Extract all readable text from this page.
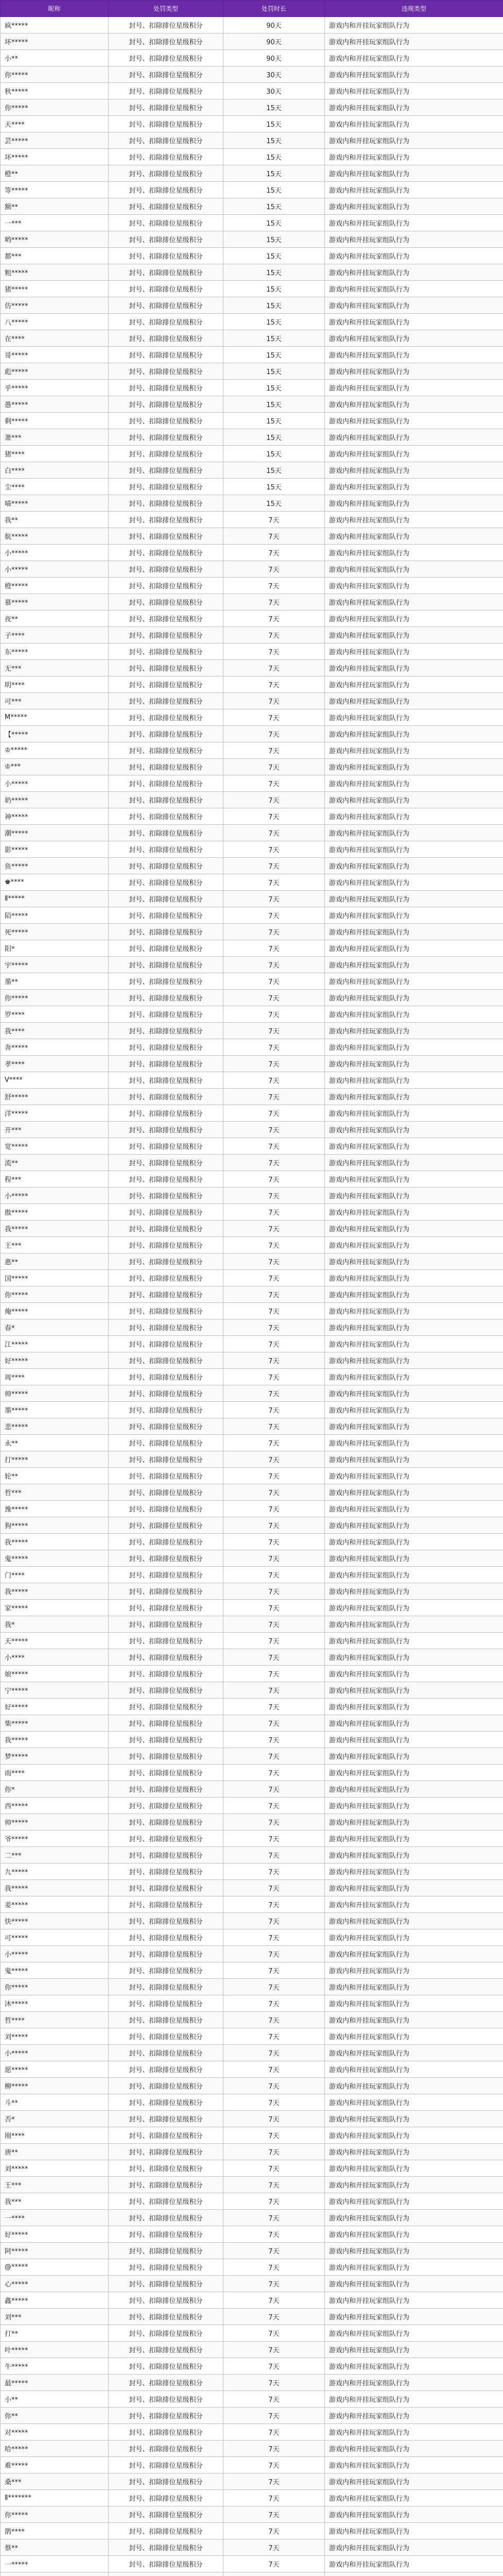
昵称	处罚类型	处罚时长	违规类型
疯*****	封号、扣除排位星级积分	90天	游戏内和开挂玩家组队行为
坏*****	封号、扣除排位星级积分	90天	游戏内和开挂玩家组队行为
小**	封号、扣除排位星级积分	90天	游戏内和开挂玩家组队行为
你*****	封号、扣除排位星级积分	30天	游戏内和开挂玩家组队行为
秋*****	封号、扣除排位星级积分	30天	游戏内和开挂玩家组队行为
你*****	封号、扣除排位星级积分	15天	游戏内和开挂玩家组队行为
天****	封号、扣除排位星级积分	15天	游戏内和开挂玩家组队行为
芸*****	封号、扣除排位星级积分	15天	游戏内和开挂玩家组队行为
坏*****	封号、扣除排位星级积分	15天	游戏内和开挂玩家组队行为
橙**	封号、扣除排位星级积分	15天	游戏内和开挂玩家组队行为
等*****	封号、扣除排位星级积分	15天	游戏内和开挂玩家组队行为
额**	封号、扣除排位星级积分	15天	游戏内和开挂玩家组队行为
一***	封号、扣除排位星级积分	15天	游戏内和开挂玩家组队行为
哟*****	封号、扣除排位星级积分	15天	游戏内和开挂玩家组队行为
都***	封号、扣除排位星级积分	15天	游戏内和开挂玩家组队行为
粗*****	封号、扣除排位星级积分	15天	游戏内和开挂玩家组队行为
猪*****	封号、扣除排位星级积分	15天	游戏内和开挂玩家组队行为
仿*****	封号、扣除排位星级积分	15天	游戏内和开挂玩家组队行为
八*****	封号、扣除排位星级积分	15天	游戏内和开挂玩家组队行为
在****	封号、扣除排位星级积分	15天	游戏内和开挂玩家组队行为
哥*****	封号、扣除排位星级积分	15天	游戏内和开挂玩家组队行为
彪*****	封号、扣除排位星级积分	15天	游戏内和开挂玩家组队行为
乎*****	封号、扣除排位星级积分	15天	游戏内和开挂玩家组队行为
愚*****	封号、扣除排位星级积分	15天	游戏内和开挂玩家组队行为
剩*****	封号、扣除排位星级积分	15天	游戏内和开挂玩家组队行为
萧***	封号、扣除排位星级积分	15天	游戏内和开挂玩家组队行为
猪****	封号、扣除排位星级积分	15天	游戏内和开挂玩家组队行为
白****	封号、扣除排位星级积分	15天	游戏内和开挂玩家组队行为
尘****	封号、扣除排位星级积分	15天	游戏内和开挂玩家组队行为
喵*****	封号、扣除排位星级积分	15天	游戏内和开挂玩家组队行为
我**	封号、扣除排位星级积分	7天	游戏内和开挂玩家组队行为
航*****	封号、扣除排位星级积分	7天	游戏内和开挂玩家组队行为
小*****	封号、扣除排位星级积分	7天	游戏内和开挂玩家组队行为
小*****	封号、扣除排位星级积分	7天	游戏内和开挂玩家组队行为
橙*****	封号、扣除排位星级积分	7天	游戏内和开挂玩家组队行为
慕*****	封号、扣除排位星级积分	7天	游戏内和开挂玩家组队行为
夜**	封号、扣除排位星级积分	7天	游戏内和开挂玩家组队行为
子****	封号、扣除排位星级积分	7天	游戏内和开挂玩家组队行为
东*****	封号、扣除排位星级积分	7天	游戏内和开挂玩家组队行为
无***	封号、扣除排位星级积分	7天	游戏内和开挂玩家组队行为
明****	封号、扣除排位星级积分	7天	游戏内和开挂玩家组队行为
可***	封号、扣除排位星级积分	7天	游戏内和开挂玩家组队行为
M*****	封号、扣除排位星级积分	7天	游戏内和开挂玩家组队行为
【*****	封号、扣除排位星级积分	7天	游戏内和开挂玩家组队行为
♔*****	封号、扣除排位星级积分	7天	游戏内和开挂玩家组队行为
♔***	封号、扣除排位星级积分	7天	游戏内和开挂玩家组队行为
小*****	封号、扣除排位星级积分	7天	游戏内和开挂玩家组队行为
奶*****	封号、扣除排位星级积分	7天	游戏内和开挂玩家组队行为
神*****	封号、扣除排位星级积分	7天	游戏内和开挂玩家组队行为
潮*****	封号、扣除排位星级积分	7天	游戏内和开挂玩家组队行为
影*****	封号、扣除排位星级积分	7天	游戏内和开挂玩家组队行为
鱼*****	封号、扣除排位星级积分	7天	游戏内和开挂玩家组队行为
♚****	封号、扣除排位星级积分	7天	游戏内和开挂玩家组队行为
Ⅱ*****	封号、扣除排位星级积分	7天	游戏内和开挂玩家组队行为
陌*****	封号、扣除排位星级积分	7天	游戏内和开挂玩家组队行为
死*****	封号、扣除排位星级积分	7天	游戏内和开挂玩家组队行为
阳*	封号、扣除排位星级积分	7天	游戏内和开挂玩家组队行为
宇*****	封号、扣除排位星级积分	7天	游戏内和开挂玩家组队行为
墨**	封号、扣除排位星级积分	7天	游戏内和开挂玩家组队行为
你*****	封号、扣除排位星级积分	7天	游戏内和开挂玩家组队行为
罗****	封号、扣除排位星级积分	7天	游戏内和开挂玩家组队行为
我****	封号、扣除排位星级积分	7天	游戏内和开挂玩家组队行为
奔*****	封号、扣除排位星级积分	7天	游戏内和开挂玩家组队行为
孝****	封号、扣除排位星级积分	7天	游戏内和开挂玩家组队行为
V****	封号、扣除排位星级积分	7天	游戏内和开挂玩家组队行为
舒*****	封号、扣除排位星级积分	7天	游戏内和开挂玩家组队行为
洋*****	封号、扣除排位星级积分	7天	游戏内和开挂玩家组队行为
开***	封号、扣除排位星级积分	7天	游戏内和开挂玩家组队行为
宽*****	封号、扣除排位星级积分	7天	游戏内和开挂玩家组队行为
流**	封号、扣除排位星级积分	7天	游戏内和开挂玩家组队行为
程***	封号、扣除排位星级积分	7天	游戏内和开挂玩家组队行为
小*****	封号、扣除排位星级积分	7天	游戏内和开挂玩家组队行为
傲*****	封号、扣除排位星级积分	7天	游戏内和开挂玩家组队行为
我*****	封号、扣除排位星级积分	7天	游戏内和开挂玩家组队行为
王***	封号、扣除排位星级积分	7天	游戏内和开挂玩家组队行为
惠**	封号、扣除排位星级积分	7天	游戏内和开挂玩家组队行为
国*****	封号、扣除排位星级积分	7天	游戏内和开挂玩家组队行为
你*****	封号、扣除排位星级积分	7天	游戏内和开挂玩家组队行为
俺*****	封号、扣除排位星级积分	7天	游戏内和开挂玩家组队行为
春*	封号、扣除排位星级积分	7天	游戏内和开挂玩家组队行为
江*****	封号、扣除排位星级积分	7天	游戏内和开挂玩家组队行为
好*****	封号、扣除排位星级积分	7天	游戏内和开挂玩家组队行为
周****	封号、扣除排位星级积分	7天	游戏内和开挂玩家组队行为
帅*****	封号、扣除排位星级积分	7天	游戏内和开挂玩家组队行为
墨*****	封号、扣除排位星级积分	7天	游戏内和开挂玩家组队行为
悲*****	封号、扣除排位星级积分	7天	游戏内和开挂玩家组队行为
永**	封号、扣除排位星级积分	7天	游戏内和开挂玩家组队行为
打*****	封号、扣除排位星级积分	7天	游戏内和开挂玩家组队行为
轮**	封号、扣除排位星级积分	7天	游戏内和开挂玩家组队行为
哲***	封号、扣除排位星级积分	7天	游戏内和开挂玩家组队行为
豫*****	封号、扣除排位星级积分	7天	游戏内和开挂玩家组队行为
狗*****	封号、扣除排位星级积分	7天	游戏内和开挂玩家组队行为
我*****	封号、扣除排位星级积分	7天	游戏内和开挂玩家组队行为
鬼*****	封号、扣除排位星级积分	7天	游戏内和开挂玩家组队行为
门****	封号、扣除排位星级积分	7天	游戏内和开挂玩家组队行为
我*****	封号、扣除排位星级积分	7天	游戏内和开挂玩家组队行为
家*****	封号、扣除排位星级积分	7天	游戏内和开挂玩家组队行为
我*	封号、扣除排位星级积分	7天	游戏内和开挂玩家组队行为
天*****	封号、扣除排位星级积分	7天	游戏内和开挂玩家组队行为
小****	封号、扣除排位星级积分	7天	游戏内和开挂玩家组队行为
娘*****	封号、扣除排位星级积分	7天	游戏内和开挂玩家组队行为
宁*****	封号、扣除排位星级积分	7天	游戏内和开挂玩家组队行为
好*****	封号、扣除排位星级积分	7天	游戏内和开挂玩家组队行为
柴*****	封号、扣除排位星级积分	7天	游戏内和开挂玩家组队行为
我*****	封号、扣除排位星级积分	7天	游戏内和开挂玩家组队行为
梦*****	封号、扣除排位星级积分	7天	游戏内和开挂玩家组队行为
雨****	封号、扣除排位星级积分	7天	游戏内和开挂玩家组队行为
你*	封号、扣除排位星级积分	7天	游戏内和开挂玩家组队行为
西*****	封号、扣除排位星级积分	7天	游戏内和开挂玩家组队行为
帅*****	封号、扣除排位星级积分	7天	游戏内和开挂玩家组队行为
爷*****	封号、扣除排位星级积分	7天	游戏内和开挂玩家组队行为
二***	封号、扣除排位星级积分	7天	游戏内和开挂玩家组队行为
九*****	封号、扣除排位星级积分	7天	游戏内和开挂玩家组队行为
我*****	封号、扣除排位星级积分	7天	游戏内和开挂玩家组队行为
姜*****	封号、扣除排位星级积分	7天	游戏内和开挂玩家组队行为
快*****	封号、扣除排位星级积分	7天	游戏内和开挂玩家组队行为
可*****	封号、扣除排位星级积分	7天	游戏内和开挂玩家组队行为
小*****	封号、扣除排位星级积分	7天	游戏内和开挂玩家组队行为
鬼*****	封号、扣除排位星级积分	7天	游戏内和开挂玩家组队行为
你*****	封号、扣除排位星级积分	7天	游戏内和开挂玩家组队行为
沐*****	封号、扣除排位星级积分	7天	游戏内和开挂玩家组队行为
哲****	封号、扣除排位星级积分	7天	游戏内和开挂玩家组队行为
刘*****	封号、扣除排位星级积分	7天	游戏内和开挂玩家组队行为
小*****	封号、扣除排位星级积分	7天	游戏内和开挂玩家组队行为
愿*****	封号、扣除排位星级积分	7天	游戏内和开挂玩家组队行为
柳*****	封号、扣除排位星级积分	7天	游戏内和开挂玩家组队行为
斗**	封号、扣除排位星级积分	7天	游戏内和开挂玩家组队行为
否*	封号、扣除排位星级积分	7天	游戏内和开挂玩家组队行为
刚****	封号、扣除排位星级积分	7天	游戏内和开挂玩家组队行为
唐**	封号、扣除排位星级积分	7天	游戏内和开挂玩家组队行为
刘*****	封号、扣除排位星级积分	7天	游戏内和开挂玩家组队行为
王***	封号、扣除排位星级积分	7天	游戏内和开挂玩家组队行为
我***	封号、扣除排位星级积分	7天	游戏内和开挂玩家组队行为
一****	封号、扣除排位星级积分	7天	游戏内和开挂玩家组队行为
好*****	封号、扣除排位星级积分	7天	游戏内和开挂玩家组队行为
阿*****	封号、扣除排位星级积分	7天	游戏内和开挂玩家组队行为
@*****	封号、扣除排位星级积分	7天	游戏内和开挂玩家组队行为
心*****	封号、扣除排位星级积分	7天	游戏内和开挂玩家组队行为
鑫*****	封号、扣除排位星级积分	7天	游戏内和开挂玩家组队行为
刘***	封号、扣除排位星级积分	7天	游戏内和开挂玩家组队行为
打**	封号、扣除排位星级积分	7天	游戏内和开挂玩家组队行为
叶*****	封号、扣除排位星级积分	7天	游戏内和开挂玩家组队行为
牛*****	封号、扣除排位星级积分	7天	游戏内和开挂玩家组队行为
最*****	封号、扣除排位星级积分	7天	游戏内和开挂玩家组队行为
小**	封号、扣除排位星级积分	7天	游戏内和开挂玩家组队行为
你**	封号、扣除排位星级积分	7天	游戏内和开挂玩家组队行为
对*****	封号、扣除排位星级积分	7天	游戏内和开挂玩家组队行为
哈*****	封号、扣除排位星级积分	7天	游戏内和开挂玩家组队行为
难*****	封号、扣除排位星级积分	7天	游戏内和开挂玩家组队行为
桑***	封号、扣除排位星级积分	7天	游戏内和开挂玩家组队行为
Ⅱ*******	封号、扣除排位星级积分	7天	游戏内和开挂玩家组队行为
你*****	封号、扣除排位星级积分	7天	游戏内和开挂玩家组队行为
鹊****	封号、扣除排位星级积分	7天	游戏内和开挂玩家组队行为
蔡**	封号、扣除排位星级积分	7天	游戏内和开挂玩家组队行为
一*****	封号、扣除排位星级积分	7天	游戏内和开挂玩家组队行为
